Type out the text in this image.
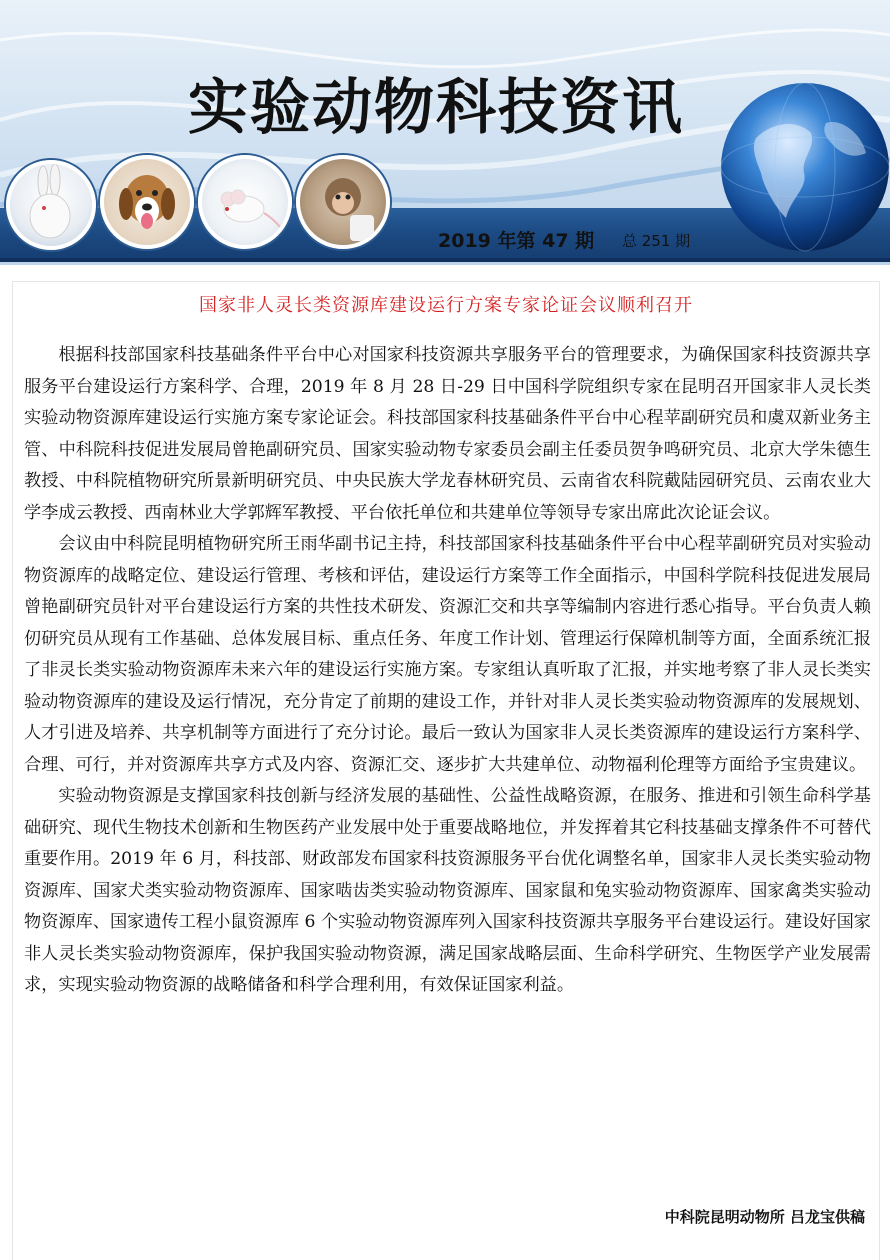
实验动物科技资讯
2019 年第 47 期 总 251 期
国家非人灵长类资源库建设运行方案专家论证会议顺利召开

根据科技部国家科技基础条件平台中心对国家科技资源共享服务平台的管理要求，为确保国家科技资源共享服务平台建设运行方案科学、合理，2019 年 8 月 28 日-29 日中国科学院组织专家在昆明召开国家非人灵长类实验动物资源库建设运行实施方案专家论证会。科技部国家科技基础条件平台中心程苹副研究员和虞双新业务主管、中科院科技促进发展局曾艳副研究员、国家实验动物专家委员会副主任委员贺争鸣研究员、北京大学朱德生教授、中科院植物研究所景新明研究员、中央民族大学龙春林研究员、云南省农科院戴陆园研究员、云南农业大学李成云教授、西南林业大学郭辉军教授、平台依托单位和共建单位等领导专家出席此次论证会议。

会议由中科院昆明植物研究所王雨华副书记主持，科技部国家科技基础条件平台中心程苹副研究员对实验动物资源库的战略定位、建设运行管理、考核和评估，建设运行方案等工作全面指示，中国科学院科技促进发展局曾艳副研究员针对平台建设运行方案的共性技术研发、资源汇交和共享等编制内容进行悉心指导。平台负责人赖仞研究员从现有工作基础、总体发展目标、重点任务、年度工作计划、管理运行保障机制等方面，全面系统汇报了非灵长类实验动物资源库未来六年的建设运行实施方案。专家组认真听取了汇报，并实地考察了非人灵长类实验动物资源库的建设及运行情况，充分肯定了前期的建设工作，并针对非人灵长类实验动物资源库的发展规划、人才引进及培养、共享机制等方面进行了充分讨论。最后一致认为国家非人灵长类资源库的建设运行方案科学、合理、可行，并对资源库共享方式及内容、资源汇交、逐步扩大共建单位、动物福利伦理等方面给予宝贵建议。

实验动物资源是支撑国家科技创新与经济发展的基础性、公益性战略资源，在服务、推进和引领生命科学基础研究、现代生物技术创新和生物医药产业发展中处于重要战略地位，并发挥着其它科技基础支撑条件不可替代重要作用。2019 年 6 月，科技部、财政部发布国家科技资源服务平台优化调整名单，国家非人灵长类实验动物资源库、国家犬类实验动物资源库、国家啮齿类实验动物资源库、国家鼠和兔实验动物资源库、国家禽类实验动物资源库、国家遗传工程小鼠资源库 6 个实验动物资源库列入国家科技资源共享服务平台建设运行。建设好国家非人灵长类实验动物资源库，保护我国实验动物资源，满足国家战略层面、生命科学研究、生物医学产业发展需求，实现实验动物资源的战略储备和科学合理利用，有效保证国家利益。

中科院昆明动物所 吕龙宝供稿
